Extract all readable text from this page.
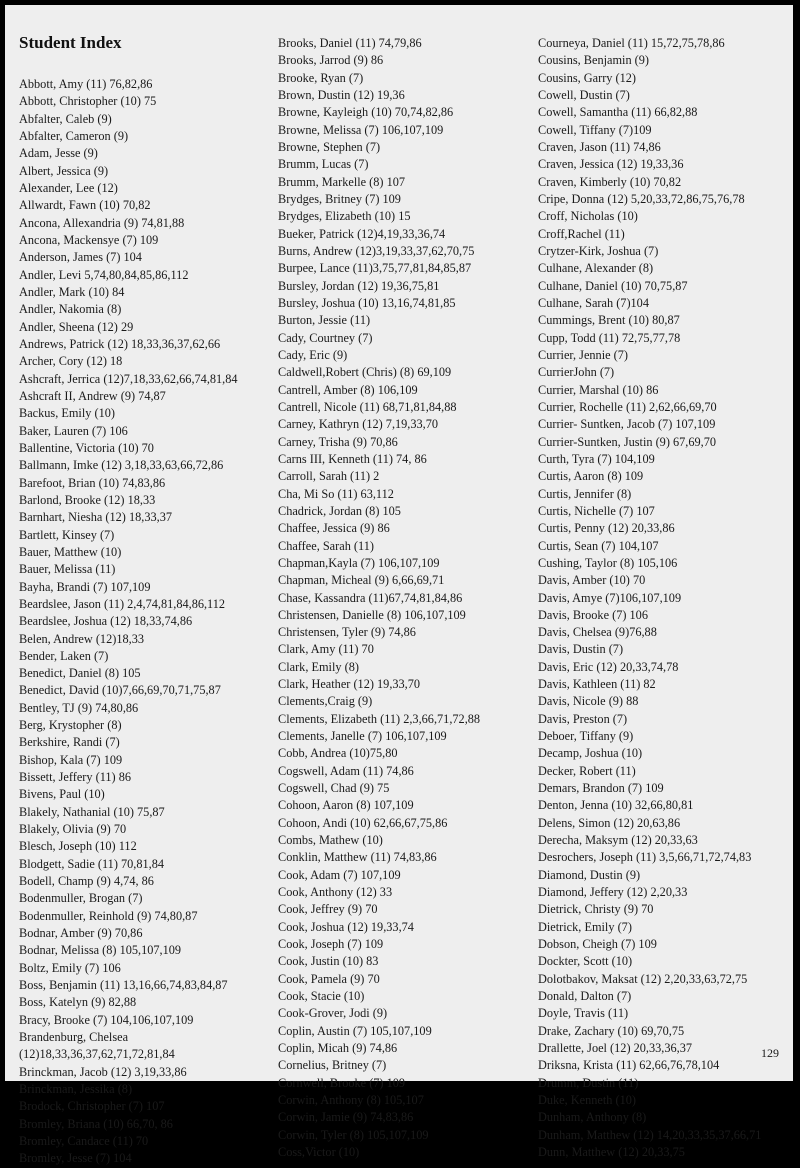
Student Index
Abbott, Amy (11) 76,82,86
Abbott, Christopher (10) 75
Abfalter, Caleb (9)
Abfalter, Cameron (9)
Adam, Jesse (9)
Albert, Jessica (9)
Alexander, Lee (12)
Allwardt, Fawn (10) 70,82
Ancona, Allexandria (9) 74,81,88
Ancona, Mackensye (7) 109
Anderson, James (7) 104
Andler, Levi 5,74,80,84,85,86,112
Andler, Mark (10) 84
Andler, Nakomia (8)
Andler, Sheena (12) 29
Andrews, Patrick (12) 18,33,36,37,62,66
Archer, Cory (12) 18
Ashcraft, Jerrica (12)7,18,33,62,66,74,81,84
Ashcraft II, Andrew (9) 74,87
Backus, Emily (10)
Baker, Lauren (7) 106
Ballentine, Victoria (10) 70
Ballmann, Imke (12) 3,18,33,63,66,72,86
Barefoot, Brian (10) 74,83,86
Barlond, Brooke (12) 18,33
Barnhart, Niesha (12) 18,33,37
Bartlett, Kinsey (7)
Bauer, Matthew (10)
Bauer, Melissa (11)
Bayha, Brandi (7) 107,109
Beardslee, Jason (11) 2,4,74,81,84,86,112
Beardslee, Joshua (12) 18,33,74,86
Belen, Andrew (12)18,33
Bender, Laken (7)
Benedict, Daniel (8) 105
Benedict, David (10)7,66,69,70,71,75,87
Bentley, TJ (9) 74,80,86
Berg, Krystopher (8)
Berkshire, Randi (7)
Bishop, Kala (7) 109
Bissett, Jeffery (11) 86
Bivens, Paul (10)
Blakely, Nathanial (10) 75,87
Blakely, Olivia (9) 70
Blesch, Joseph (10) 112
Blodgett, Sadie (11) 70,81,84
Bodell, Champ (9) 4,74, 86
Bodenmuller, Brogan (7)
Bodenmuller, Reinhold (9) 74,80,87
Bodnar, Amber (9) 70,86
Bodnar, Melissa (8) 105,107,109
Boltz, Emily (7) 106
Boss, Benjamin (11) 13,16,66,74,83,84,87
Boss, Katelyn (9) 82,88
Bracy, Brooke (7) 104,106,107,109
Brandenburg, Chelsea
(12)18,33,36,37,62,71,72,81,84
Brinckman, Jacob (12) 3,19,33,86
Brinckman, Jessika (8)
Brodock, Christopher (7) 107
Bromley, Briana (10) 66,70, 86
Bromley, Candace (11) 70
Bromley, Jesse (7) 104
Brooks, Daniel (11) 74,79,86
Brooks, Jarrod (9) 86
Brooke, Ryan (7)
Brown, Dustin (12) 19,36
Browne, Kayleigh (10) 70,74,82,86
Browne, Melissa (7) 106,107,109
Browne, Stephen (7)
Brumm, Lucas (7)
Brumm, Markelle (8) 107
Brydges, Britney (7) 109
Brydges, Elizabeth (10) 15
Bueker, Patrick (12)4,19,33,36,74
Burns, Andrew (12)3,19,33,37,62,70,75
Burpee, Lance (11)3,75,77,81,84,85,87
Bursley, Jordan (12) 19,36,75,81
Bursley, Joshua (10) 13,16,74,81,85
Burton, Jessie (11)
Cady, Courtney (7)
Cady, Eric (9)
Caldwell,Robert (Chris) (8) 69,109
Cantrell, Amber (8) 106,109
Cantrell, Nicole (11) 68,71,81,84,88
Carney, Kathryn (12) 7,19,33,70
Carney, Trisha (9) 70,86
Carns III, Kenneth (11) 74, 86
Carroll, Sarah (11) 2
Cha, Mi So (11) 63,112
Chadrick, Jordan (8) 105
Chaffee, Jessica (9) 86
Chaffee, Sarah (11)
Chapman,Kayla (7) 106,107,109
Chapman, Micheal (9) 6,66,69,71
Chase, Kassandra (11)67,74,81,84,86
Christensen, Danielle (8) 106,107,109
Christensen, Tyler (9) 74,86
Clark, Amy (11) 70
Clark, Emily (8)
Clark, Heather (12) 19,33,70
Clements,Craig (9)
Clements, Elizabeth (11) 2,3,66,71,72,88
Clements, Janelle (7) 106,107,109
Cobb, Andrea (10)75,80
Cogswell, Adam (11) 74,86
Cogswell, Chad (9) 75
Cohoon, Aaron (8) 107,109
Cohoon, Andi (10) 62,66,67,75,86
Combs, Mathew (10)
Conklin, Matthew (11) 74,83,86
Cook, Adam (7) 107,109
Cook, Anthony (12) 33
Cook, Jeffrey (9) 70
Cook, Joshua (12) 19,33,74
Cook, Joseph (7) 109
Cook, Justin (10) 83
Cook, Pamela (9) 70
Cook, Stacie (10)
Cook-Grover, Jodi (9)
Coplin, Austin (7) 105,107,109
Coplin, Micah (9) 74,86
Cornelius, Britney (7)
Cornwell, Brooke (7) 109
Corwin, Anthony (8) 105,107
Corwin, Jamie (9) 74,83,86
Corwin, Tyler (8) 105,107,109
Coss,Victor (10)
Courneya, Daniel (11) 15,72,75,78,86
Cousins, Benjamin (9)
Cousins, Garry (12)
Cowell, Dustin (7)
Cowell, Samantha (11) 66,82,88
Cowell, Tiffany (7)109
Craven, Jason (11) 74,86
Craven, Jessica (12) 19,33,36
Craven, Kimberly (10) 70,82
Cripe, Donna (12) 5,20,33,72,86,75,76,78
Croff, Nicholas (10)
Croff,Rachel (11)
Crytzer-Kirk, Joshua (7)
Culhane, Alexander (8)
Culhane, Daniel (10) 70,75,87
Culhane, Sarah (7)104
Cummings, Brent (10) 80,87
Cupp, Todd (11) 72,75,77,78
Currier, Jennie (7)
CurrierJohn (7)
Currier, Marshal (10) 86
Currier, Rochelle (11) 2,62,66,69,70
Currier- Suntken, Jacob (7) 107,109
Currier-Suntken, Justin (9) 67,69,70
Curth, Tyra (7) 104,109
Curtis, Aaron (8) 109
Curtis, Jennifer (8)
Curtis, Nichelle (7) 107
Curtis, Penny (12) 20,33,86
Curtis, Sean (7) 104,107
Cushing, Taylor (8) 105,106
Davis, Amber (10) 70
Davis, Amye (7)106,107,109
Davis, Brooke (7) 106
Davis, Chelsea (9)76,88
Davis, Dustin (7)
Davis, Eric (12) 20,33,74,78
Davis, Kathleen (11) 82
Davis, Nicole (9) 88
Davis, Preston (7)
Deboer, Tiffany (9)
Decamp, Joshua (10)
Decker, Robert (11)
Demars, Brandon (7) 109
Denton, Jenna (10) 32,66,80,81
Delens, Simon (12) 20,63,86
Derecha, Maksym (12) 20,33,63
Desrochers, Joseph (11) 3,5,66,71,72,74,83
Diamond, Dustin (9)
Diamond, Jeffery (12) 2,20,33
Dietrick, Christy (9) 70
Dietrick, Emily (7)
Dobson, Cheigh (7) 109
Dockter, Scott (10)
Dolotbakov, Maksat (12) 2,20,33,63,72,75
Donald, Dalton (7)
Doyle, Travis (11)
Drake, Zachary (10) 69,70,75
Drallette, Joel (12) 20,33,36,37
Driksna, Krista (11) 62,66,76,78,104
Drumm, Dustin (11)
Duke, Kenneth (10)
Dunham, Anthony (8)
Dunham, Matthew (12) 14,20,33,35,37,66,71
Dunn, Matthew (12) 20,33,75
129
